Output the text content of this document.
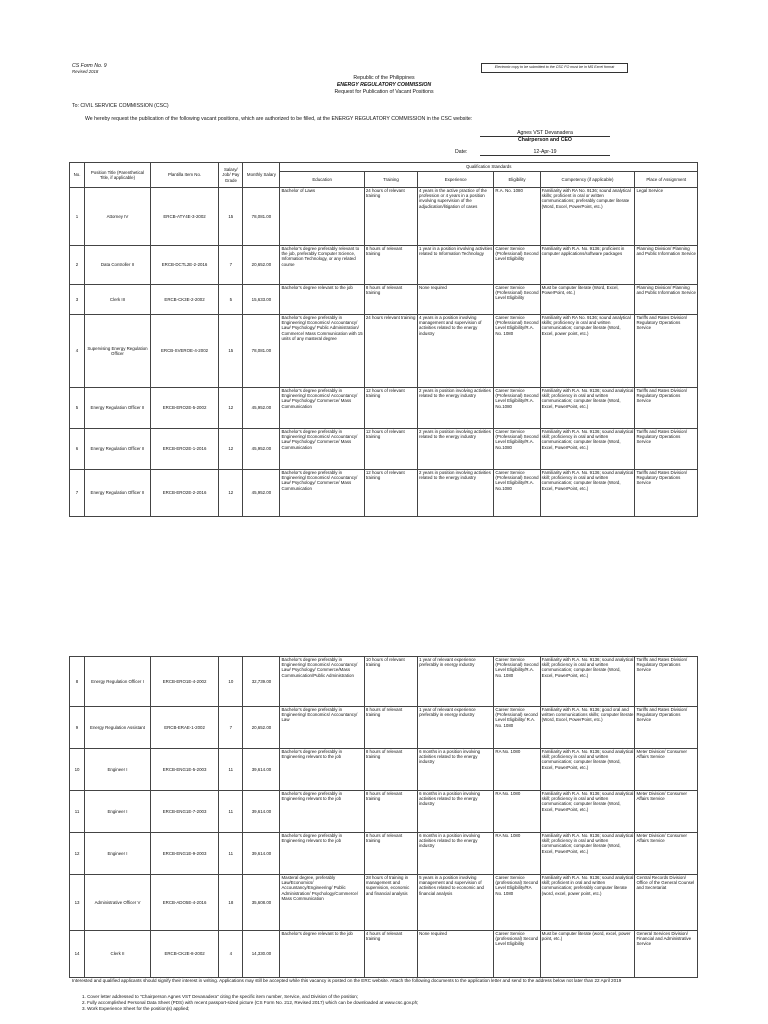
CS Form No. 9
Revised 2018
Electronic copy to be submitted to the CSC FO must be in MS Excel format
Republic of the Philippines
ENERGY REGULATORY COMMISSION
Request for Publication of Vacant Positions
To: CIVIL SERVICE COMMISSION (CSC)
We hereby request the publication of the following vacant positions, which are authorized to be filled, at the ENERGY REGULATORY COMMISSION in the CSC website:
Agnes VST Devanadera
Chairperson and CEO
Date:	12-Apr-19
No.	Position Title (Parenthetical Title, if applicable)	Plantilla Item No.	Salary/ Job/ Pay Grade	Monthly Salary	Qualification Standards					
					Education	Training	Experience	Eligibility	Competency (if applicable)	Place of Assignment
1	Attorney IV	ERCB-ATY4E-3-2002	15	78,081.00	Bachelor of Laws	24 hours of relevant training	4 years in the active practice of the profession or 4 years in a position involving supervision of the adjudication/litigation of cases	R.A. No. 1080	Familiarity with RA No. 9136; sound analytical skills; proficient in oral or written communications; preferably computer literate (Word, Excel, PowerPoint, etc.)	Legal Service
2	Data Controller II	ERCB-DCTL2E-2-2016	7	20,652.00	Bachelor's degree preferably relevant to the job, preferably Computer Science, Information Technology, or any related course	8 hours of relevant training	1 year in a position involving activities related to Information Technology	Career Service (Professional) Second Level Eligibility	Familiarity with R.A. No. 9136; proficient in computer applications/software packages	Planning Division/ Planning and Public Information Service
3	Clerk III	ERCB-CK3E-2-2002	5	15,633.00	Bachelor's degree relevant to the job	8 hours of relevant training	None required	Career Service (Professional) Second Level Eligibility	Must be computer literate (Word, Excel, PowerPoint, etc.)	Planning Division/ Planning and Public Information Service
4	Supervising Energy Regulation Officer	ERCB-SVEROE-4-2002	15	78,081.00	Bachelor's degree preferably in Engineering/ Economics/ Accountancy/ Law/ Psychology/ Public Administration/ Commerce/ Mass Communication with 15 units of any masteral degree	24 hours relevant training	4 years in a position involving management and supervision of activities related to the energy industry	Career Service (Professional) Second Level Eligibility/R.A. No. 1080	Familiarity with RA No. 9136; sound analytical skills; proficiency in oral and written communication; computer literate (Word, Excel, power point, etc.)	Tariffs and Rates Division/ Regulatory Operations Service
5	Energy Regulation Officer II	ERCB-ERO2E-5-2002	12	45,952.00	Bachelor's degree preferably in Engineering/ Economics/ Accountancy/ Law/ Psychology/ Commerce/ Mass Communication	12 hours of relevant training	2 years in position involving activities related to the energy industry	Career Service (Professional) Second Level Eligibility/R.A. No.1080	Familiarity with R.A. No. 9136; sound analytical skill; proficiency in oral and written communication; computer literate (Word, Excel, PowerPoint, etc.)	Tariffs and Rates Division/ Regulatory Operations Service
6	Energy Regulation Officer II	ERCB-ERO2E-1-2016	12	45,952.00	Bachelor's degree preferably in Engineering/ Economics/ Accountancy/ Law/ Psychology/ Commerce/ Mass Communication	12 hours of relevant training	2 years in position involving activities related to the energy industry	Career Service (Professional) Second Level Eligibility/R.A. No.1080	Familiarity with R.A. No. 9136; sound analytical skill; proficiency in oral and written communication; computer literate (Word, Excel, PowerPoint, etc.)	Tariffs and Rates Division/ Regulatory Operations Service
7	Energy Regulation Officer II	ERCB-ERO2E-2-2016	12	45,952.00	Bachelor's degree preferably in Engineering/ Economics/ Accountancy/ Law/ Psychology/ Commerce/ Mass Communication	12 hours of relevant training	2 years in position involving activities related to the energy industry	Career Service (Professional) Second Level Eligibility/R.A. No.1080	Familiarity with R.A. No. 9136; sound analytical skill; proficiency in oral and written communication; computer literate (Word, Excel, PowerPoint, etc.)	Tariffs and Rates Division/ Regulatory Operations Service
8	Energy Regulation Officer I	ERCB-ERO1E-4-2002	10	32,739.00	Bachelor's degree preferably in Engineering/ Economics/ Accountancy/ Law/ Psychology/ Commerce/Mass Communication/Public Administration	10 hours of relevant training	1 year of relevant experience preferably in energy industry	Career Service (Professional) Second Level Eligibility/R.A. No. 1080	Familiarity with R.A. No. 9136; sound analytical skill; proficiency in oral and written communication; computer literate (Word, Excel, PowerPoint, etc.)	Tariffs and Rates Division/ Regulatory Operations Service
9	Energy Regulation Assistant	ERCB-ERAE-1-2002	7	20,652.00	Bachelor's degree preferably in Engineering/ Economics/ Accountancy/ Law	8 hours of relevant training	1 year of relevant experience preferably in energy industry	Career Service (Professional) second Level Eligibility/ R.A. No. 1080	Familiarity with R.A. No. 9136; good oral and written communications skills; computer literate (Word, Excel, PowerPoint, etc.)	Tariffs and Rates Division/ Regulatory Operations Service
10	Engineer I	ERCB-ENG1E-5-2003	11	39,614.00	Bachelor's degree preferably in Engineering relevant to the job	8 hours of relevant training	6 months in a position involving activities related to the energy industry	RA No. 1080	Familiarity with R.A. No. 9136; sound analytical skill; proficiency in oral and written communication; computer literate (Word, Excel, PowerPoint, etc.)	Meter Division/ Consumer Affairs Service
11	Engineer I	ERCB-ENG1E-7-2003	11	39,614.00	Bachelor's degree preferably in Engineering relevant to the job	8 hours of relevant training	6 months in a position involving activities related to the energy industry	RA No. 1080	Familiarity with R.A. No. 9136; sound analytical skill; proficiency in oral and written communication; computer literate (Word, Excel, PowerPoint, etc.)	Meter Division/ Consumer Affairs Service
12	Engineer I	ERCB-ENG1E-9-2003	11	39,614.00	Bachelor's degree preferably in Engineering relevant to the job	8 hours of relevant training	6 months in a position involving activities related to the energy industry	RA No. 1080	Familiarity with R.A. No. 9136; sound analytical skill; proficiency in oral and written communication; computer literate (Word, Excel, PowerPoint, etc.)	Meter Division/ Consumer Affairs Service
13	Administrative Officer V	ERCB-ADO5E-4-2016	18	35,608.00	Masteral degree, preferably Law/Economics/ Accountancy/Engineering/ Public Administration/ Psychology/Commerce/ Mass Communication	28 hours of training in management and supervision, economic and financial analysis	5 years in a position involving management and supervision of activities related to economic and financial analysis	Career Service (professional) Second Level Eligibility/RA No. 1080	Familiarity with R.A. No. 9136; sound analytical skill; proficient in oral and written communication; preferably computer literate (word, excel, power point, etc.)	Central Records Division/ Office of the General Counsel and Secretariat
14	Clerk II	ERCB-CK2E-8-2002	4	14,330.00	Bachelor's degree relevant to the job	4 hours of relevant training	None required	Career Service (professional) Second Level Eligibility	Must be computer literate (word, excel, power point, etc.)	General Services Division/ Financial and Administrative Service
Interested and qualified applicants should signify their interest in writing. Applications may still be accepted while this vacancy is posted on the ERC website. Attach the following documents to the application letter and send to the address below not later than 22 April 2019
1. Cover letter addressed to "Chairperson Agnes VST Devanadera" citing the specific item number, Service, and Division of the position;
2. Fully accomplished Personal Data Sheet (PDS) with recent passport-sized picture (CS Form No. 212, Revised 2017) which can be downloaded at www.csc.gov.ph;
3. Work Experience Sheet for the position(s) applied;
